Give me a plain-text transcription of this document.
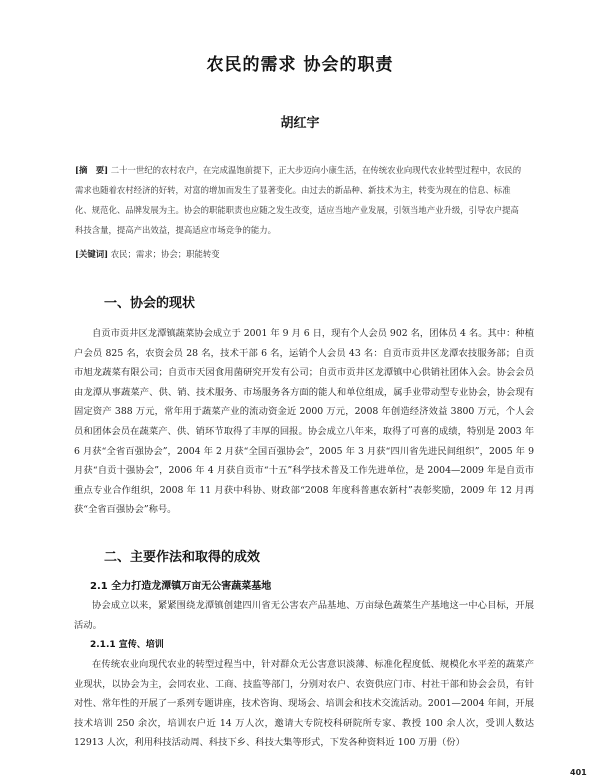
农民的需求 协会的职责
胡红宇
[摘　要] 二十一世纪的农村农户，在完成温饱前提下，正大步迈向小康生活，在传统农业向现代农业转型过程中，农民的需求也随着农村经济的好转，对富的增加而发生了显著变化。由过去的新品种、新技术为主，转变为现在的信息、标准化、规范化、品牌发展为主。协会的职能职责也应随之发生改变，适应当地产业发展，引领当地产业升级，引导农户提高科技含量，提高产出效益，提高适应市场竞争的能力。
[关键词] 农民；需求；协会；职能转变
一、协会的现状
自贡市贡井区龙潭镇蔬菜协会成立于 2001 年 9 月 6 日，现有个人会员 902 名，团体员 4 名。其中：种植户会员 825 名，农资会员 28 名，技术干部 6 名，运销个人会员 43 名：自贡市贡井区龙潭农技服务部；自贡市旭龙蔬菜有限公司；自贡市天园食用菌研究开发有公司；自贡市贡井区龙潭镇中心供销社团体入会。协会会员由龙潭从事蔬菜产、供、销、技术服务、市场服务各方面的能人和单位组成，属手业带动型专业协会，协会现有固定资产 388 万元，常年用于蔬菜产业的流动资金近 2000 万元，2008 年创造经济效益 3800 万元，个人会员和团体会员在蔬菜产、供、销环节取得了丰厚的回报。协会成立八年来，取得了可喜的成绩，特别是 2003 年 6 月获“全省百强协会”，2004 年 2 月获“全国百强协会”，2005 年 3 月获“四川省先进民间组织”，2005 年 9 月获“自贡十强协会”，2006 年 4 月获自贡市“十五”科学技术普及工作先进单位，是 2004—2009 年是自贡市重点专业合作组织，2008 年 11 月获中科协、财政部“2008 年度科普惠农新村”表彰奖励，2009 年 12 月再获“全省百强协会”称号。
二、主要作法和取得的成效
2.1 全力打造龙潭镇万亩无公害蔬菜基地
协会成立以来，紧紧围绕龙潭镇创建四川省无公害农产品基地、万亩绿色蔬菜生产基地这一中心目标，开展活动。
2.1.1 宣传、培训
在传统农业向现代农业的转型过程当中，针对群众无公害意识淡薄、标准化程度低、规模化水平差的蔬菜产业现状，以协会为主，会同农业、工商、技监等部门，分别对农户、农资供应门市、村社干部和协会会员，有针对性、常年性的开展了一系列专题讲座，技术咨询、现场会、培训会和技术交流活动。2001—2004 年间，开展技术培训 250 余次，培训农户近 14 万人次，邀请大专院校科研院所专家、教授 100 余人次，受训人数达 12913 人次，利用科技活动周、科技下乡、科技大集等形式，下发各种资料近 100 万册（份）
401
